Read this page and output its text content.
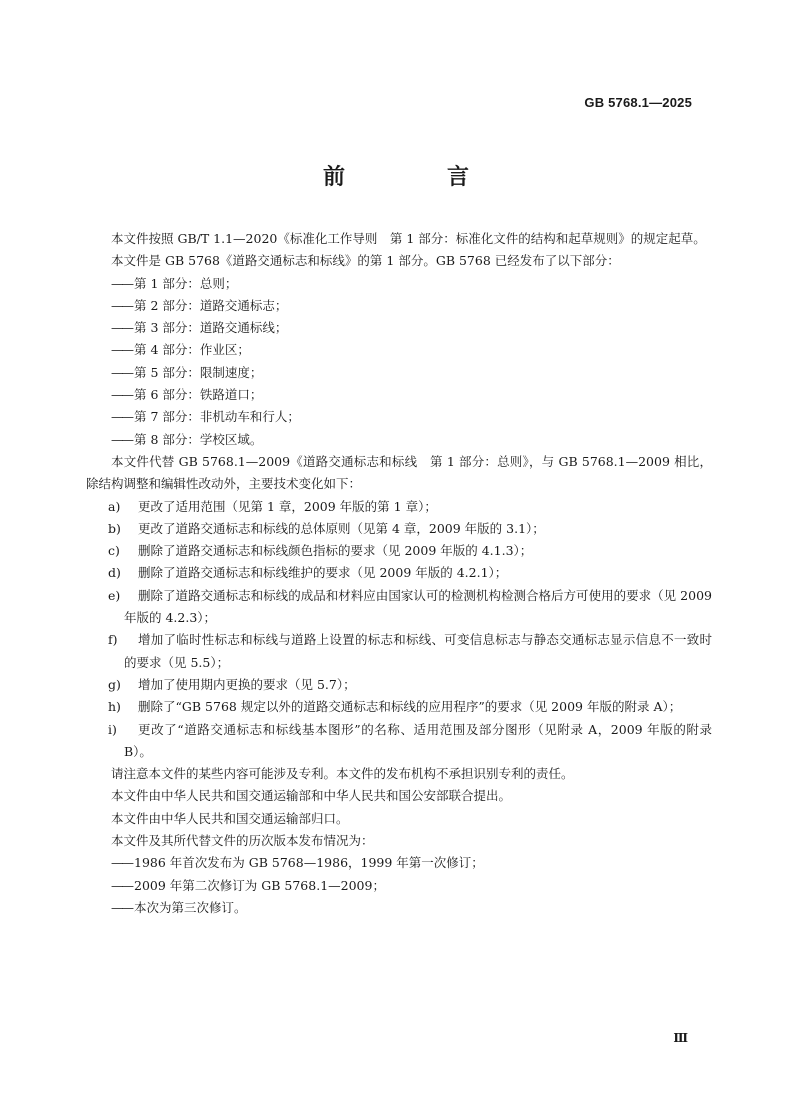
GB 5768.1—2025
前　言

本文件按照 GB/T 1.1—2020《标准化工作导则　第 1 部分：标准化文件的结构和起草规则》的规定起草。

本文件是 GB 5768《道路交通标志和标线》的第 1 部分。GB 5768 已经发布了以下部分：

—— 第 1 部分：总则；

—— 第 2 部分：道路交通标志；

—— 第 3 部分：道路交通标线；

—— 第 4 部分：作业区；

—— 第 5 部分：限制速度；

—— 第 6 部分：铁路道口；

—— 第 7 部分：非机动车和行人；

—— 第 8 部分：学校区域。

本文件代替 GB 5768.1—2009《道路交通标志和标线　第 1 部分：总则》，与 GB 5768.1—2009 相比，除结构调整和编辑性改动外，主要技术变化如下：

a) 更改了适用范围（见第 1 章，2009 年版的第 1 章）；

b) 更改了道路交通标志和标线的总体原则（见第 4 章，2009 年版的 3.1）；

c) 删除了道路交通标志和标线颜色指标的要求（见 2009 年版的 4.1.3）；

d) 删除了道路交通标志和标线维护的要求（见 2009 年版的 4.2.1）；

e) 删除了道路交通标志和标线的成品和材料应由国家认可的检测机构检测合格后方可使用的要求（见 2009 年版的 4.2.3）；

f) 增加了临时性标志和标线与道路上设置的标志和标线、可变信息标志与静态交通标志显示信息不一致时的要求（见 5.5）；

g) 增加了使用期内更换的要求（见 5.7）；

h) 删除了“GB 5768 规定以外的道路交通标志和标线的应用程序”的要求（见 2009 年版的附录 A）；

i) 更改了“道路交通标志和标线基本图形”的名称、适用范围及部分图形（见附录 A，2009 年版的附录 B）。

请注意本文件的某些内容可能涉及专利。本文件的发布机构不承担识别专利的责任。

本文件由中华人民共和国交通运输部和中华人民共和国公安部联合提出。

本文件由中华人民共和国交通运输部归口。

本文件及其所代替文件的历次版本发布情况为：

—— 1986 年首次发布为 GB 5768—1986，1999 年第一次修订；

—— 2009 年第二次修订为 GB 5768.1—2009；

—— 本次为第三次修订。

Ⅲ
